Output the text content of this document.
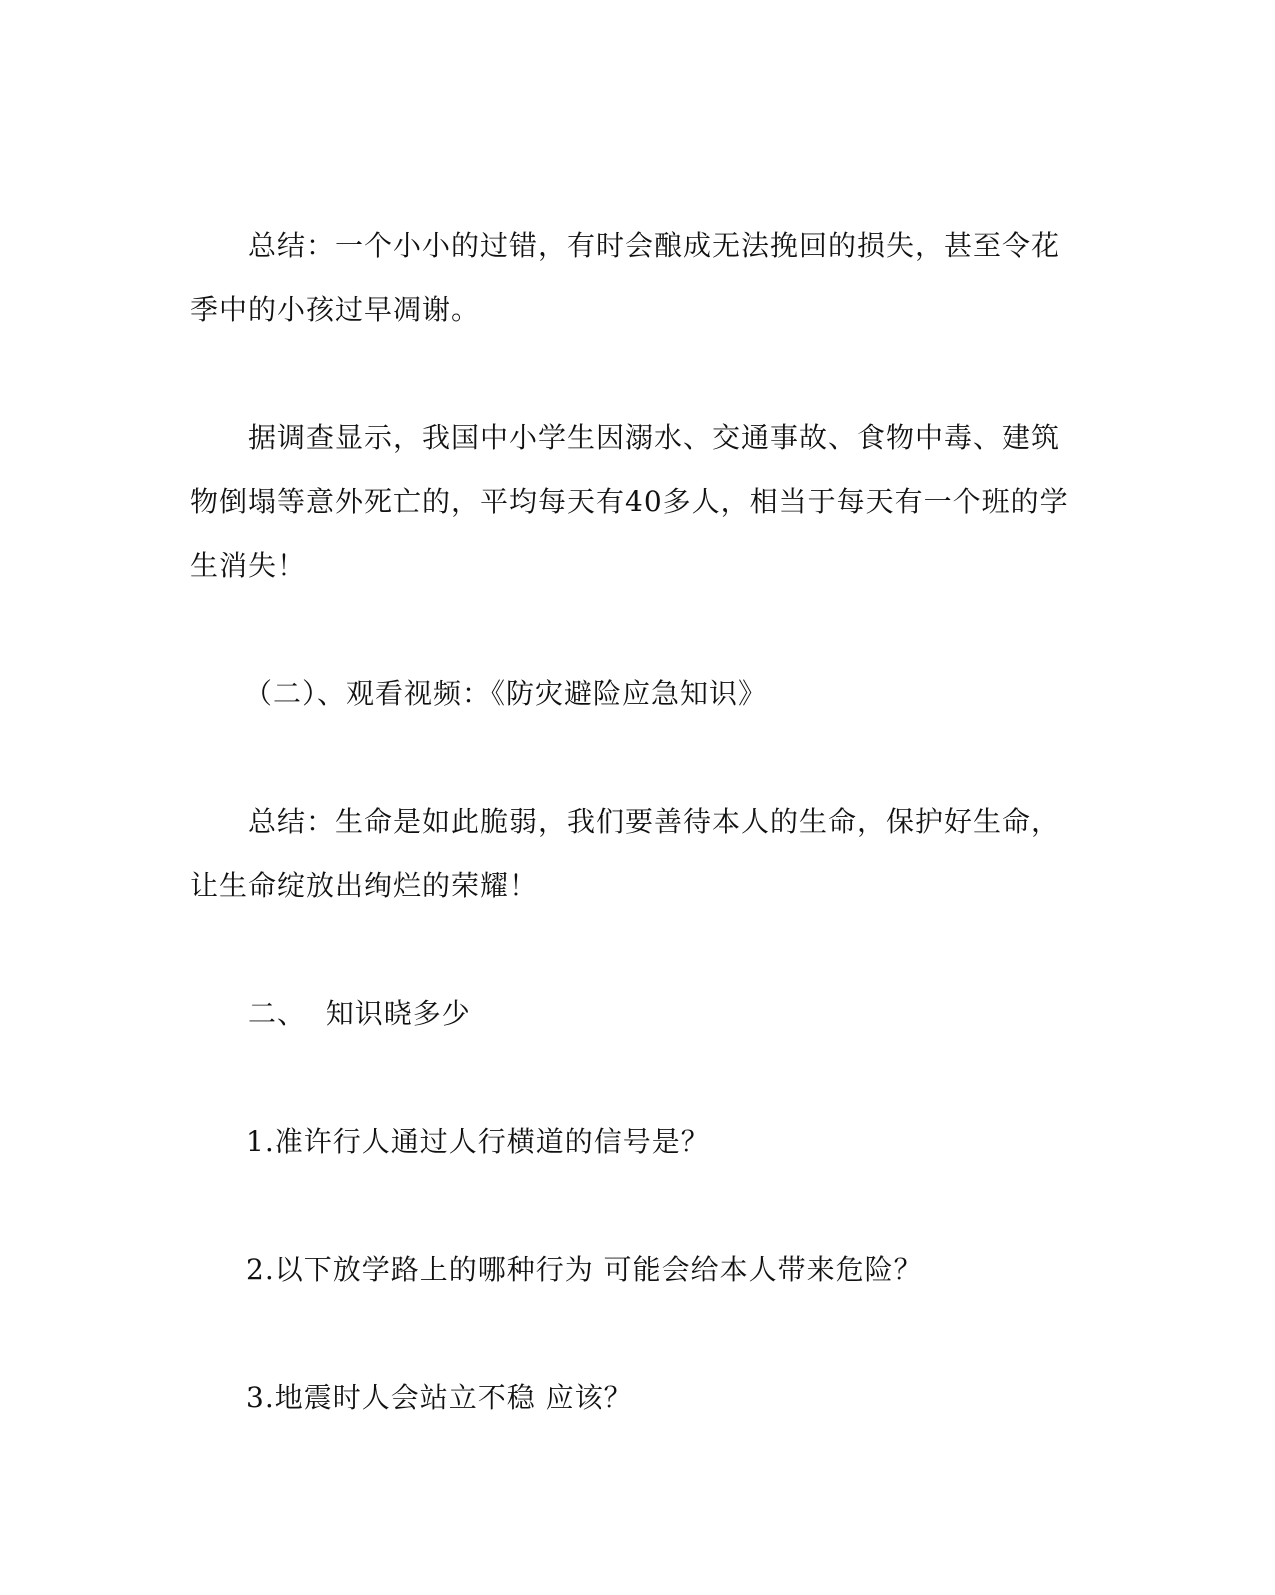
总结：一个小小的过错，有时会酿成无法挽回的损失，甚至令花
季中的小孩过早凋谢。
据调查显示，我国中小学生因溺水、交通事故、食物中毒、建筑
物倒塌等意外死亡的，平均每天有40多人，相当于每天有一个班的学
生消失！
（二）、观看视频：《防灾避险应急知识》
总结：生命是如此脆弱，我们要善待本人的生命，保护好生命，
让生命绽放出绚烂的荣耀！
二、  知识晓多少
1.准许行人通过人行横道的信号是？
2.以下放学路上的哪种行为 可能会给本人带来危险？
3.地震时人会站立不稳 应该？
